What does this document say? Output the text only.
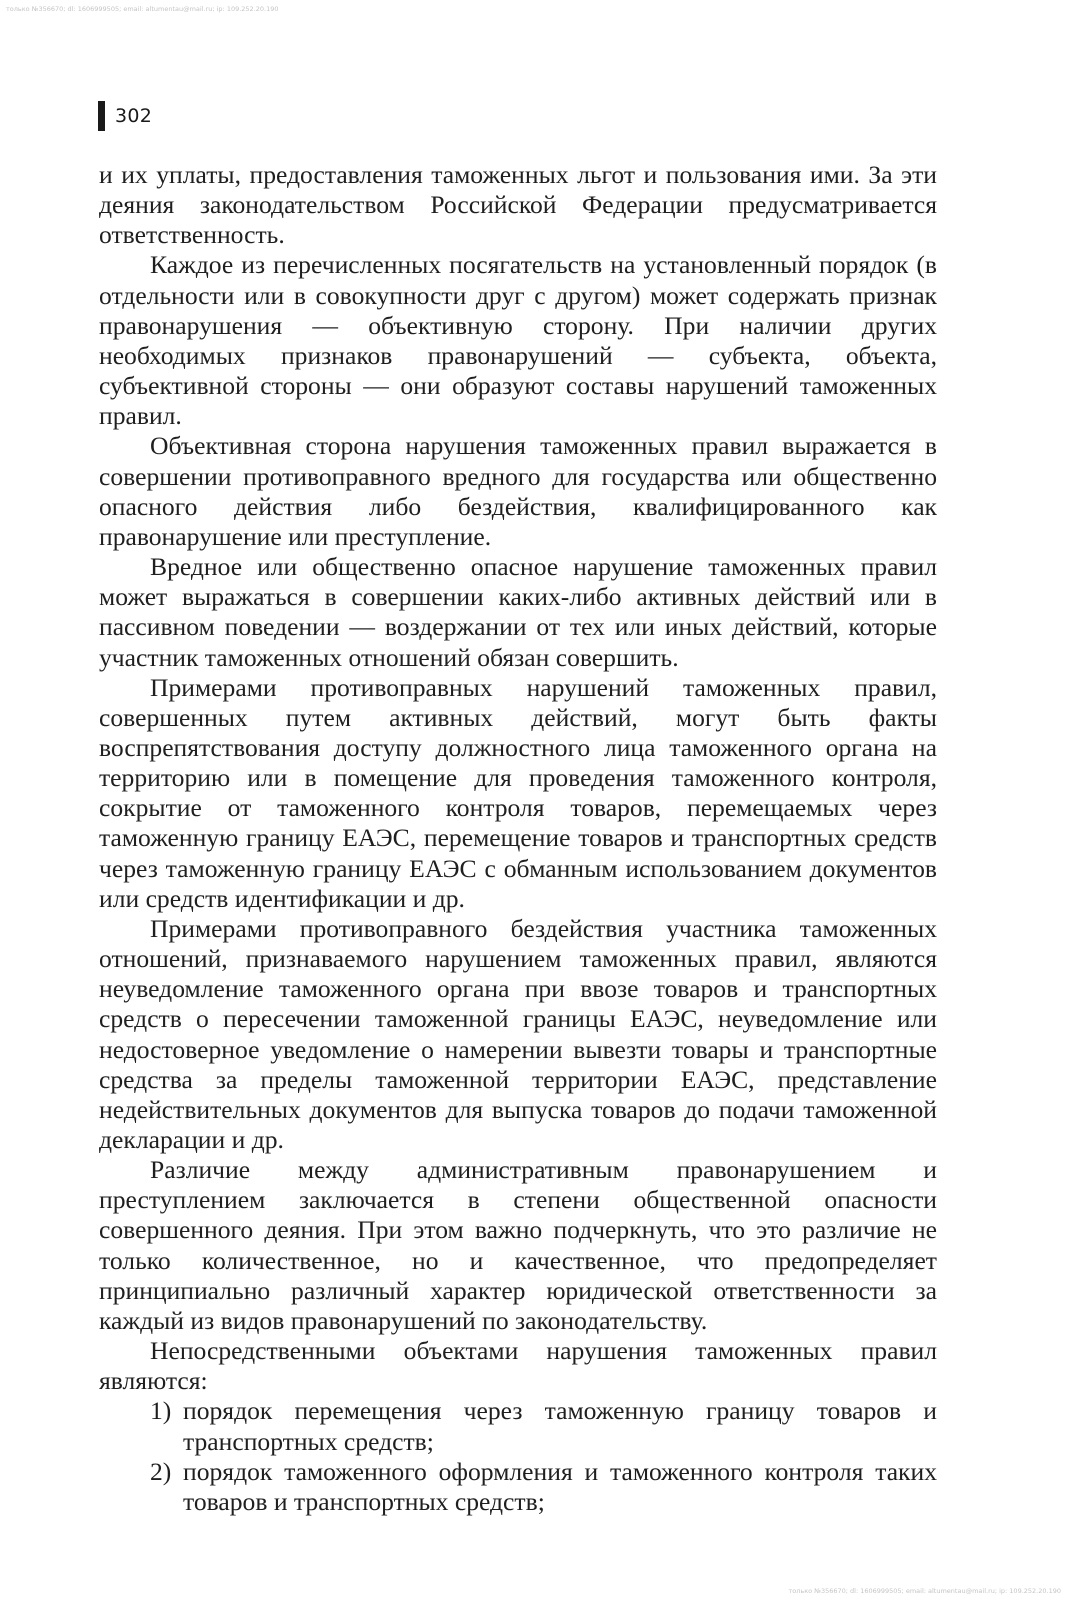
только №356670; dl: 1606999505; email: altumentau@mail.ru; ip: 109.252.20.190
302

и их уплаты, предоставления таможенных льгот и пользования ими. За эти деяния законодательством Российской Федерации предусматривается ответственность.

Каждое из перечисленных посягательств на установленный порядок (в отдельности или в совокупности друг с другом) может содержать признак правонарушения — объективную сторону. При наличии других необходимых признаков правонарушений — субъекта, объекта, субъективной стороны — они образуют составы нарушений таможенных правил.

Объективная сторона нарушения таможенных правил выражается в совершении противоправного вредного для государства или общественно опасного действия либо бездействия, квалифицированного как правонарушение или преступление.

Вредное или общественно опасное нарушение таможенных правил может выражаться в совершении каких-либо активных действий или в пассивном поведении — воздержании от тех или иных действий, которые участник таможенных отношений обязан совершить.

Примерами противоправных нарушений таможенных правил, совершенных путем активных действий, могут быть факты воспрепятствования доступу должностного лица таможенного органа на территорию или в помещение для проведения таможенного контроля, сокрытие от таможенного контроля товаров, перемещаемых через таможенную границу ЕАЭС, перемещение товаров и транспортных средств через таможенную границу ЕАЭС с обманным использованием документов или средств идентификации и др.

Примерами противоправного бездействия участника таможенных отношений, признаваемого нарушением таможенных правил, являются неуведомление таможенного органа при ввозе товаров и транспортных средств о пересечении таможенной границы ЕАЭС, неуведомление или недостоверное уведомление о намерении вывезти товары и транспортные средства за пределы таможенной территории ЕАЭС, представление недействительных документов для выпуска товаров до подачи таможенной декларации и др.

Различие между административным правонарушением и преступлением заключается в степени общественной опасности совершенного деяния. При этом важно подчеркнуть, что это различие не только количественное, но и качественное, что предопределяет принципиально различный характер юридической ответственности за каждый из видов правонарушений по законодательству.

Непосредственными объектами нарушения таможенных правил являются:

1) порядок перемещения через таможенную границу товаров и транспортных средств;
2) порядок таможенного оформления и таможенного контроля таких товаров и транспортных средств;
только №356670; dl: 1606999505; email: altumentau@mail.ru; ip: 109.252.20.190
